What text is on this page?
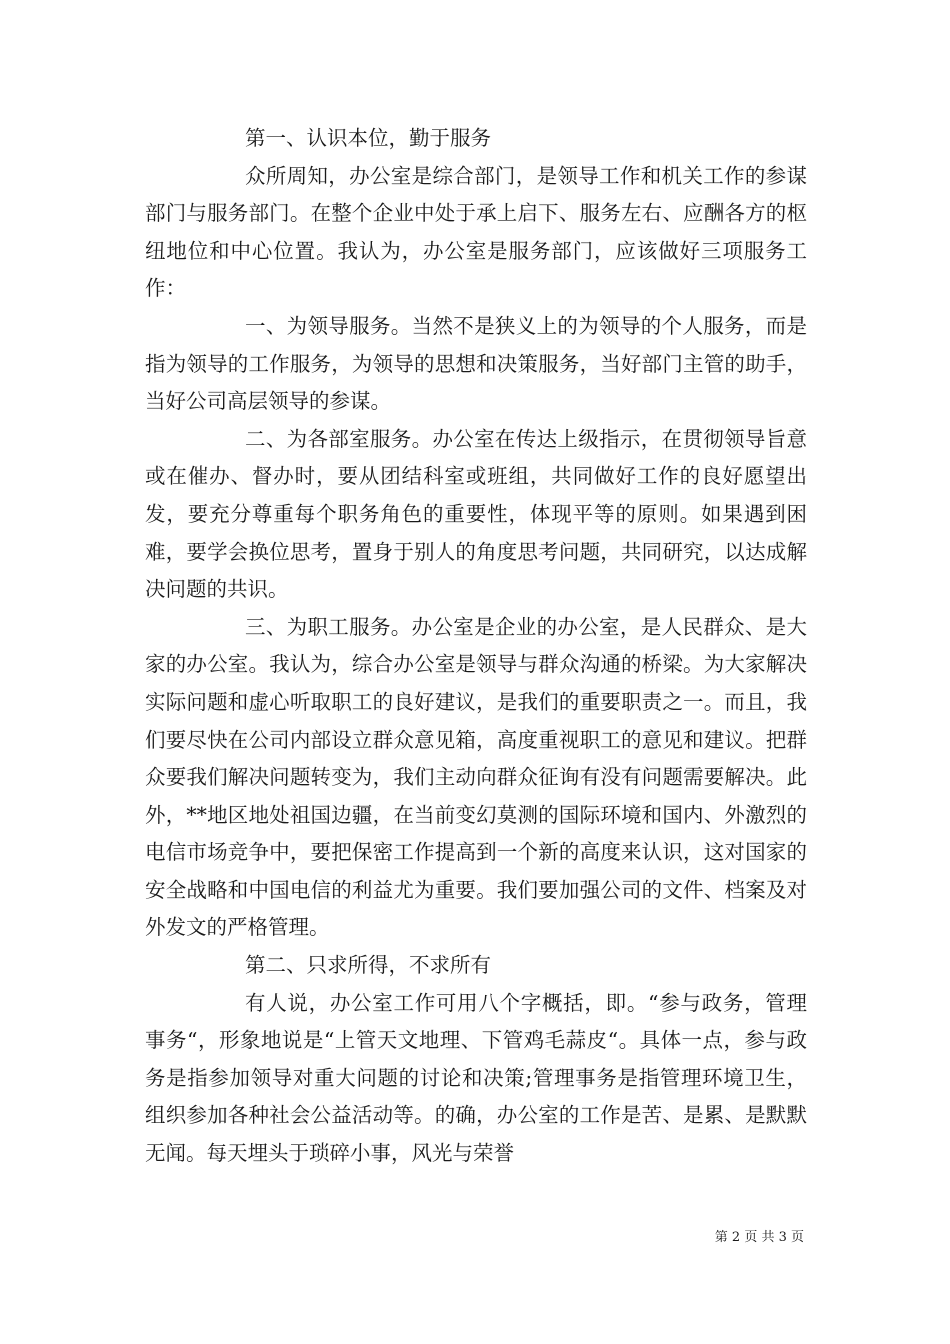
第一、认识本位，勤于服务

众所周知，办公室是综合部门，是领导工作和机关工作的参谋部门与服务部门。在整个企业中处于承上启下、服务左右、应酬各方的枢纽地位和中心位置。我认为，办公室是服务部门，应该做好三项服务工作：

一、为领导服务。当然不是狭义上的为领导的个人服务，而是指为领导的工作服务，为领导的思想和决策服务，当好部门主管的助手，当好公司高层领导的参谋。

二、为各部室服务。办公室在传达上级指示，在贯彻领导旨意或在催办、督办时，要从团结科室或班组，共同做好工作的良好愿望出发，要充分尊重每个职务角色的重要性，体现平等的原则。如果遇到困难，要学会换位思考，置身于别人的角度思考问题，共同研究，以达成解决问题的共识。

三、为职工服务。办公室是企业的办公室，是人民群众、是大家的办公室。我认为，综合办公室是领导与群众沟通的桥梁。为大家解决实际问题和虚心听取职工的良好建议，是我们的重要职责之一。而且，我们要尽快在公司内部设立群众意见箱，高度重视职工的意见和建议。把群众要我们解决问题转变为，我们主动向群众征询有没有问题需要解决。此外，**地区地处祖国边疆，在当前变幻莫测的国际环境和国内、外激烈的电信市场竞争中，要把保密工作提高到一个新的高度来认识，这对国家的安全战略和中国电信的利益尤为重要。我们要加强公司的文件、档案及对外发文的严格管理。

第二、只求所得，不求所有

有人说，办公室工作可用八个字概括，即。“参与政务，管理事务“，形象地说是“上管天文地理、下管鸡毛蒜皮“。具体一点，参与政务是指参加领导对重大问题的讨论和决策;管理事务是指管理环境卫生，组织参加各种社会公益活动等。的确，办公室的工作是苦、是累、是默默无闻。每天埋头于琐碎小事，风光与荣誉

第 2 页 共 3 页
